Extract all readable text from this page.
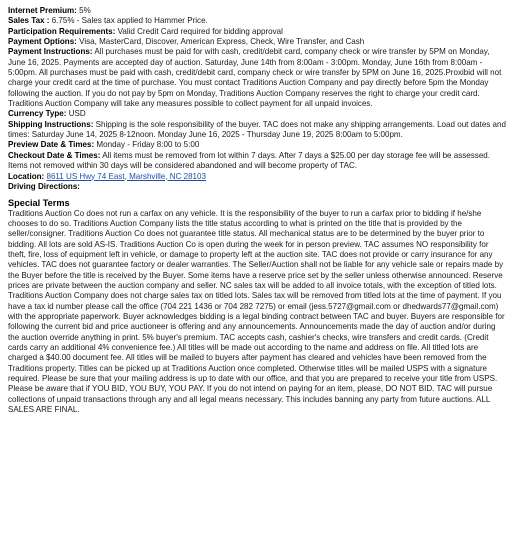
Internet Premium: 5%

Sales Tax : 6.75% - Sales tax applied to Hammer Price.

Participation Requirements: Valid Credit Card required for bidding approval

Payment Options: Visa, MasterCard, Discover, American Express, Check, Wire Transfer, and Cash

Payment Instructions: All purchases must be paid for with cash, credit/debit card, company check or wire transfer by 5PM on Monday, June 16, 2025. Payments are accepted day of auction. Saturday, June 14th from 8:00am - 3:00pm. Monday, June 16th from 8:00am - 5:00pm. All purchases must be paid with cash, credit/debit card, company check or wire transfer by 5PM on June 16, 2025.Proxibid will not charge your credit card at the time of purchase. You must contact Traditions Auction Company and pay directly before 5pm the Monday following the auction. If you do not pay by 5pm on Monday, Traditions Auction Company reserves the right to charge your credit card. Traditions Auction Company will take any measures possible to collect payment for all unpaid invoices.

Currency Type: USD

Shipping Instructions: Shipping is the sole responsibility of the buyer. TAC does not make any shipping arrangements. Load out dates and times: Saturday June 14, 2025 8-12noon. Monday June 16, 2025 - Thursday June 19, 2025 8:00am to 5:00pm.

Preview Date & Times: Monday - Friday 8:00 to 5:00

Checkout Date & Times: All items must be removed from lot within 7 days. After 7 days a $25.00 per day storage fee will be assessed. Items not removed within 30 days will be considered abandoned and will become property of TAC.

Location: 8611 US Hwy 74 East, Marshville, NC 28103

Driving Directions:

Special Terms

Traditions Auction Co does not run a carfax on any vehicle. It is the responsibility of the buyer to run a carfax prior to bidding if he/she chooses to do so. Traditions Auction Company lists the title status according to what is printed on the title that is provided by the seller/consigner. Traditions Auction Co does not guarantee title status. All mechanical status are to be determined by the buyer prior to bidding. All lots are sold AS-IS. Traditions Auction Co is open during the week for in person preview. TAC assumes NO responsibility for theft, fire, loss of equipment left in vehicle, or damage to property left at the auction site. TAC does not provide or carry insurance for any vehicles. TAC does not guarantee factory or dealer warranties. The Seller/Auction shall not be liable for any vehicle sale or repairs made by the Buyer before the title is received by the Buyer. Some items have a reserve price set by the seller unless otherwise announced. Reserve prices are private between the auction company and seller. NC sales tax will be added to all invoice totals, with the exception of titled lots. Traditions Auction Company does not charge sales tax on titled lots. Sales tax will be removed from titled lots at the time of payment. If you have a tax id number please call the office (704 221 1436 or 704 282 7275) or email (jess.5727@gmail.com or dhedwards77@gmail.com) with the appropriate paperwork. Buyer acknowledges bidding is a legal binding contract between TAC and buyer. Buyers are responsible for following the current bid and price auctioneer is offering and any announcements. Announcements made the day of auction and/or during the auction override anything in print. 5% buyer's premium. TAC accepts cash, cashier's checks, wire transfers and credit cards. (Credit cards carry an additional 4% convenience fee.) All titles will be made out according to the name and address on file. All titled lots are charged a $40.00 document fee. All titles will be mailed to buyers after payment has cleared and vehicles have been removed from the Traditions property. Titles can be picked up at Traditions Auction once completed. Otherwise titles will be mailed USPS with a signature required. Please be sure that your mailing address is up to date with our office, and that you are prepared to receive your title from USPS. Please be aware that if YOU BID, YOU BUY, YOU PAY. If you do not intend on paying for an item, please, DO NOT BID. TAC will pursue collections of unpaid transactions through any and all legal means necessary. This includes banning any party from future auctions. ALL SALES ARE FINAL.
